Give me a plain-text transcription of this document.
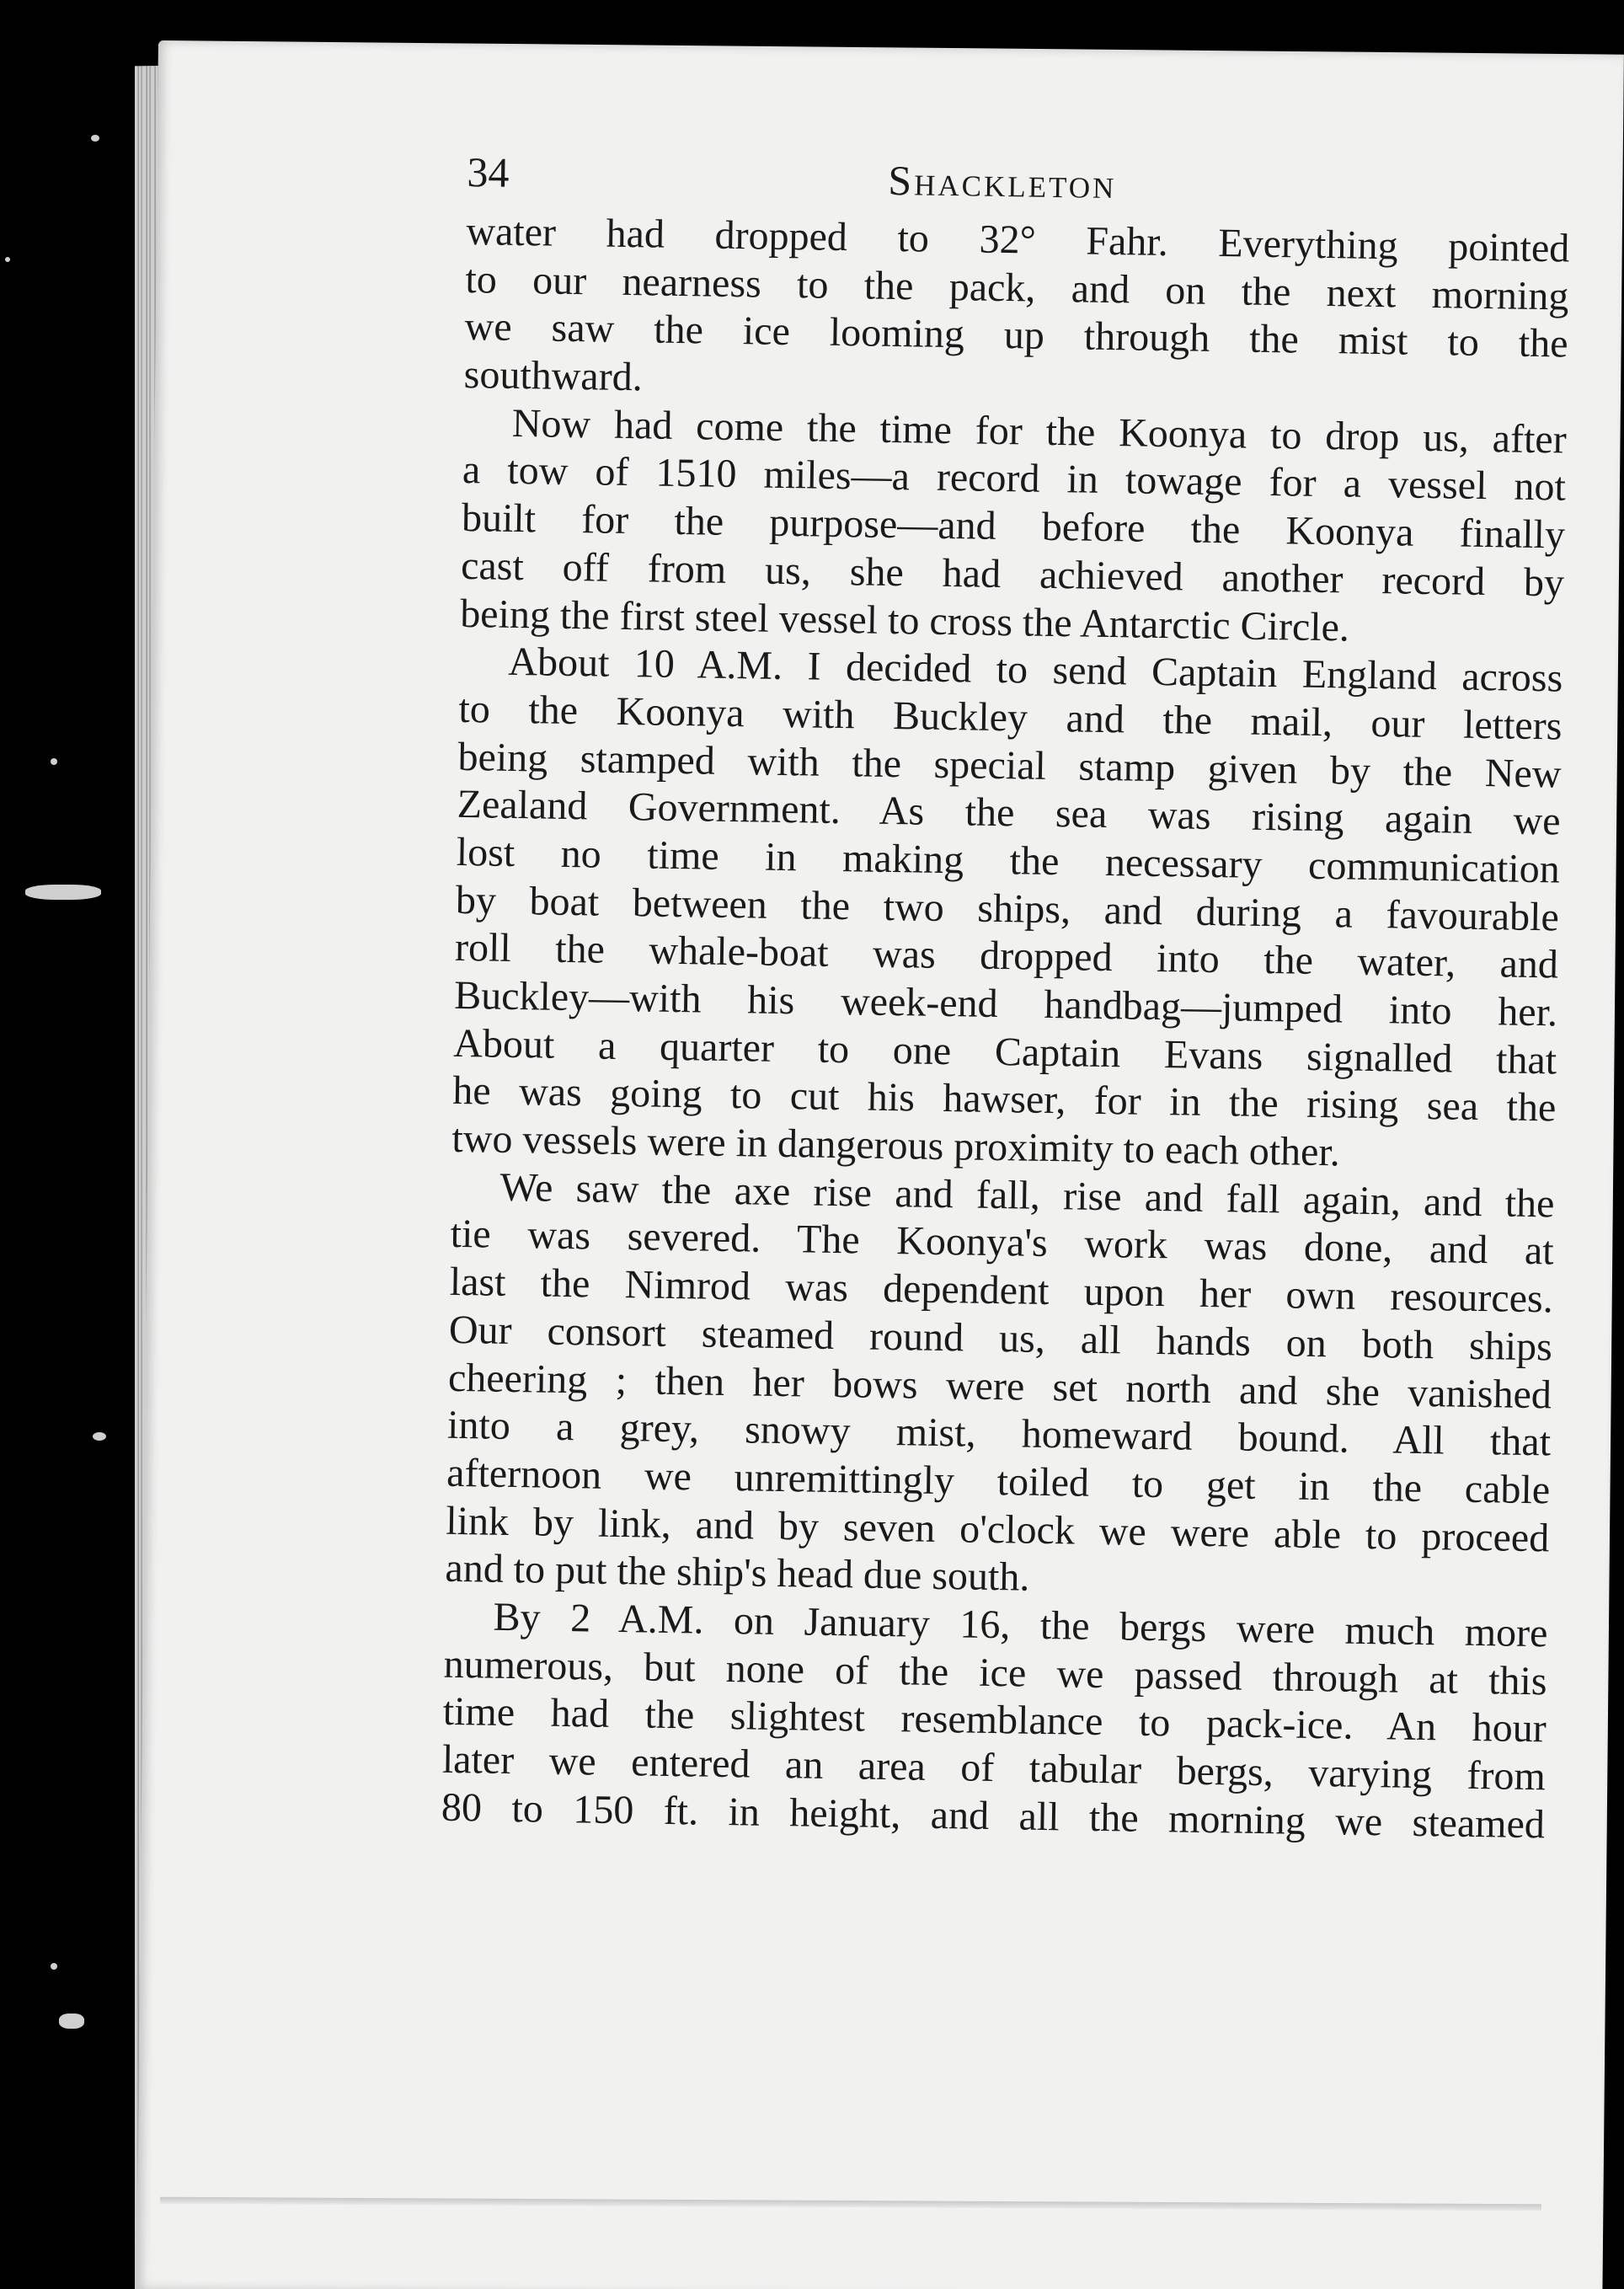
34	Shackleton
water had dropped to 32° Fahr. Everything pointed
to our nearness to the pack, and on the next morning
we saw the ice looming up through the mist to the
southward.
Now had come the time for the Koonya to drop us, after
a tow of 1510 miles—a record in towage for a vessel not
built for the purpose—and before the Koonya finally
cast off from us, she had achieved another record by
being the first steel vessel to cross the Antarctic Circle.
About 10 A.M. I decided to send Captain England across
to the Koonya with Buckley and the mail, our letters
being stamped with the special stamp given by the New
Zealand Government. As the sea was rising again we
lost no time in making the necessary communication
by boat between the two ships, and during a favourable
roll the whale-boat was dropped into the water, and
Buckley—with his week-end handbag—jumped into her.
About a quarter to one Captain Evans signalled that
he was going to cut his hawser, for in the rising sea the
two vessels were in dangerous proximity to each other.
We saw the axe rise and fall, rise and fall again, and the
tie was severed. The Koonya's work was done, and at
last the Nimrod was dependent upon her own resources.
Our consort steamed round us, all hands on both ships
cheering ; then her bows were set north and she vanished
into a grey, snowy mist, homeward bound. All that
afternoon we unremittingly toiled to get in the cable
link by link, and by seven o'clock we were able to proceed
and to put the ship's head due south.
By 2 A.M. on January 16, the bergs were much more
numerous, but none of the ice we passed through at this
time had the slightest resemblance to pack-ice. An hour
later we entered an area of tabular bergs, varying from
80 to 150 ft. in height, and all the morning we steamed
